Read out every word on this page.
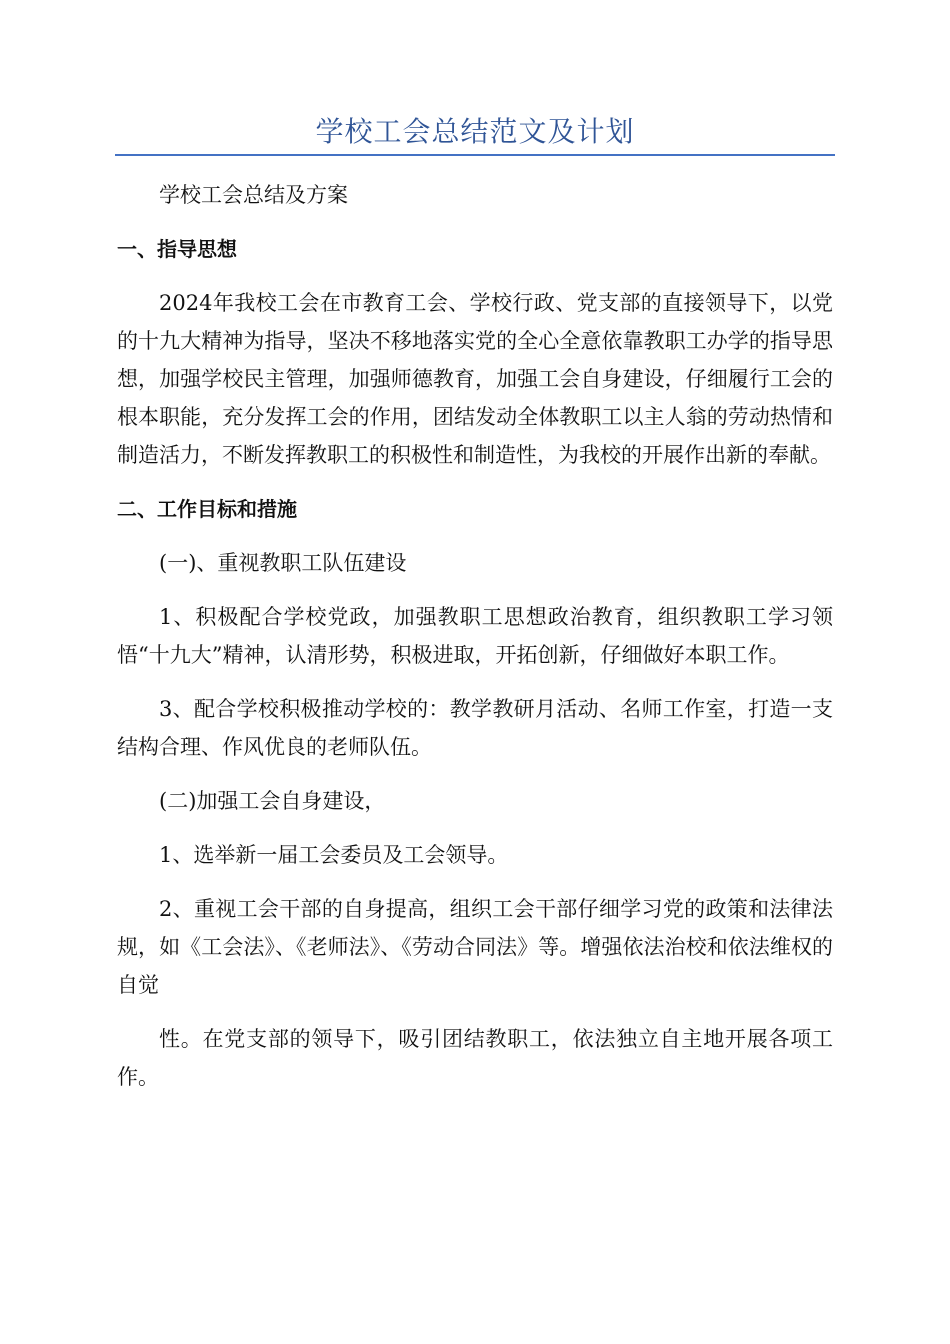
学校工会总结范文及计划

学校工会总结及方案

一、指导思想

2024年我校工会在市教育工会、学校行政、党支部的直接领导下，以党的十九大精神为指导，坚决不移地落实党的全心全意依靠教职工办学的指导思想，加强学校民主管理，加强师德教育，加强工会自身建设，仔细履行工会的根本职能，充分发挥工会的作用，团结发动全体教职工以主人翁的劳动热情和制造活力，不断发挥教职工的积极性和制造性，为我校的开展作出新的奉献。

二、工作目标和措施

(一)、重视教职工队伍建设

1、积极配合学校党政，加强教职工思想政治教育，组织教职工学习领悟“十九大”精神，认清形势，积极进取，开拓创新，仔细做好本职工作。

3、配合学校积极推动学校的：教学教研月活动、名师工作室，打造一支结构合理、作风优良的老师队伍。

(二)加强工会自身建设，

1、选举新一届工会委员及工会领导。

2、重视工会干部的自身提高，组织工会干部仔细学习党的政策和法律法规，如《工会法》、《老师法》、《劳动合同法》等。增强依法治校和依法维权的自觉

性。在党支部的领导下，吸引团结教职工，依法独立自主地开展各项工作。
